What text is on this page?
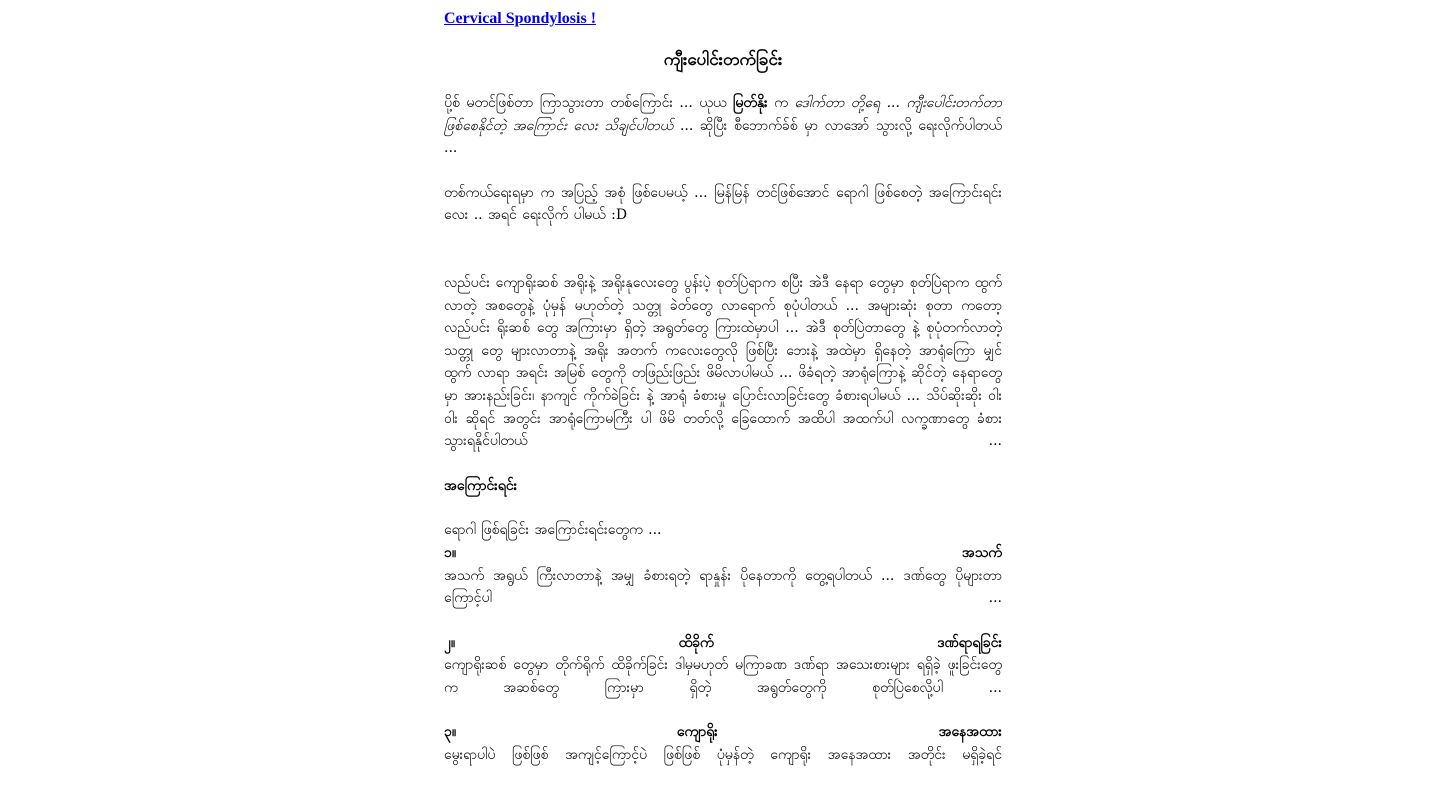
Cervical Spondylosis !
ကျီးပေါင်းတက်ခြင်း

ပို့စ် မတင်ဖြစ်တာ ကြာသွားတာ တစ်ကြောင်း ... ယုယ မြတ်နိုး က ဒေါက်တာ တို့ရေ ... ကျီးပေါင်းတက်တာ ဖြစ်စေနိုင်တဲ့ အကြောင်း လေး သိချင်ပါတယ် ... ဆိုပြီး စီဘောက်ခ်စ် မှာ လာအော် သွားလို့ ရေးလိုက်ပါတယ် ...

တစ်ကယ်ရေးရမှာ က အပြည့် အစုံ ဖြစ်ပေမယ့် ... မြန်မြန် တင်ဖြစ်အောင် ရောဂါ ဖြစ်စေတဲ့ အကြောင်းရင်းလေး .. အရင် ရေးလိုက် ပါမယ် :D

လည်ပင်း ကျောရိုးဆစ် အရိုးနဲ့ အရိုးနုလေးတွေ ပွန်းပဲ့ စုတ်ပြဲရာက စပြီး အဲဒီ နေရာ တွေမှာ စုတ်ပြဲရာက ထွက်လာတဲ့ အစတွေနဲ့ ပုံမှန် မဟုတ်တဲ့ သတ္တု ခဲတ်တွေ လာရောက် စုပုံပါတယ် ... အများဆုံး စုတာ ကတော့ လည်ပင်း ရိုးဆစ် တွေ အကြားမှာ ရှိတဲ့ အရွတ်တွေ ကြားထဲမှာပါ ... အဲဒီ စုတ်ပြဲတာတွေ နဲ့ စုပုံတက်လာတဲ့ သတ္တု တွေ များလာတာနဲ့ အရိုး အတက် ကလေးတွေလို ဖြစ်ပြီး ဘေးနဲ့ အထဲမှာ ရှိနေတဲ့ အာရုံကြော မျှင် ထွက် လာရာ အရင်း အမြစ် တွေကို တဖြည်းဖြည်း ဖိမိလာပါမယ် ... ဖိခံရတဲ့ အာရုံကြောနဲ့ ဆိုင်တဲ့ နေရာတွေမှာ အားနည်းခြင်း၊ နာကျင် ကိုက်ခဲခြင်း နဲ့ အာရုံ ခံစားမှု ပြောင်းလာခြင်းတွေ ခံစားရပါမယ် ... သိပ်ဆိုးဆိုး ဝါးဝါး ဆိုရင် အတွင်း အာရုံကြောမကြီး ပါ ဖိမိ တတ်လို့ ခြေထောက် အထိပါ အထက်ပါ လက္ခဏာတွေ ခံစား သွားရနိုင်ပါတယ် ...

အကြောင်းရင်း

ရောဂါ ဖြစ်ရခြင်း အကြောင်းရင်းတွေက ...

၁။	အသက်

အသက် အရွယ် ကြီးလာတာနဲ့ အမျှ ခံစားရတဲ့ ရာနှုန်း ပိုနေတာကို တွေ့ရပါတယ် ... ဒဏ်တွေ ပိုများတာ ကြောင့်ပါ ...

၂။	ထိခိုက်	ဒဏ်ရာရခြင်း

ကျောရိုးဆစ် တွေမှာ တိုက်ရိုက် ထိခိုက်ခြင်း ဒါမှမဟုတ် မကြာခဏ ဒဏ်ရာ အသေးစားများ ရရှိခဲ့ ဖူးခြင်းတွေ က အဆစ်တွေ ကြားမှာ ရှိတဲ့ အရွတ်တွေကို စုတ်ပြဲစေလို့ပါ ...

၃။	ကျောရိုး	အနေအထား

မွေးရာပါပဲ ဖြစ်ဖြစ် အကျင့်ကြောင့်ပဲ ဖြစ်ဖြစ် ပုံမှန်တဲ့ ကျောရိုး အနေအထား အတိုင်း မရှိခဲ့ရင်
